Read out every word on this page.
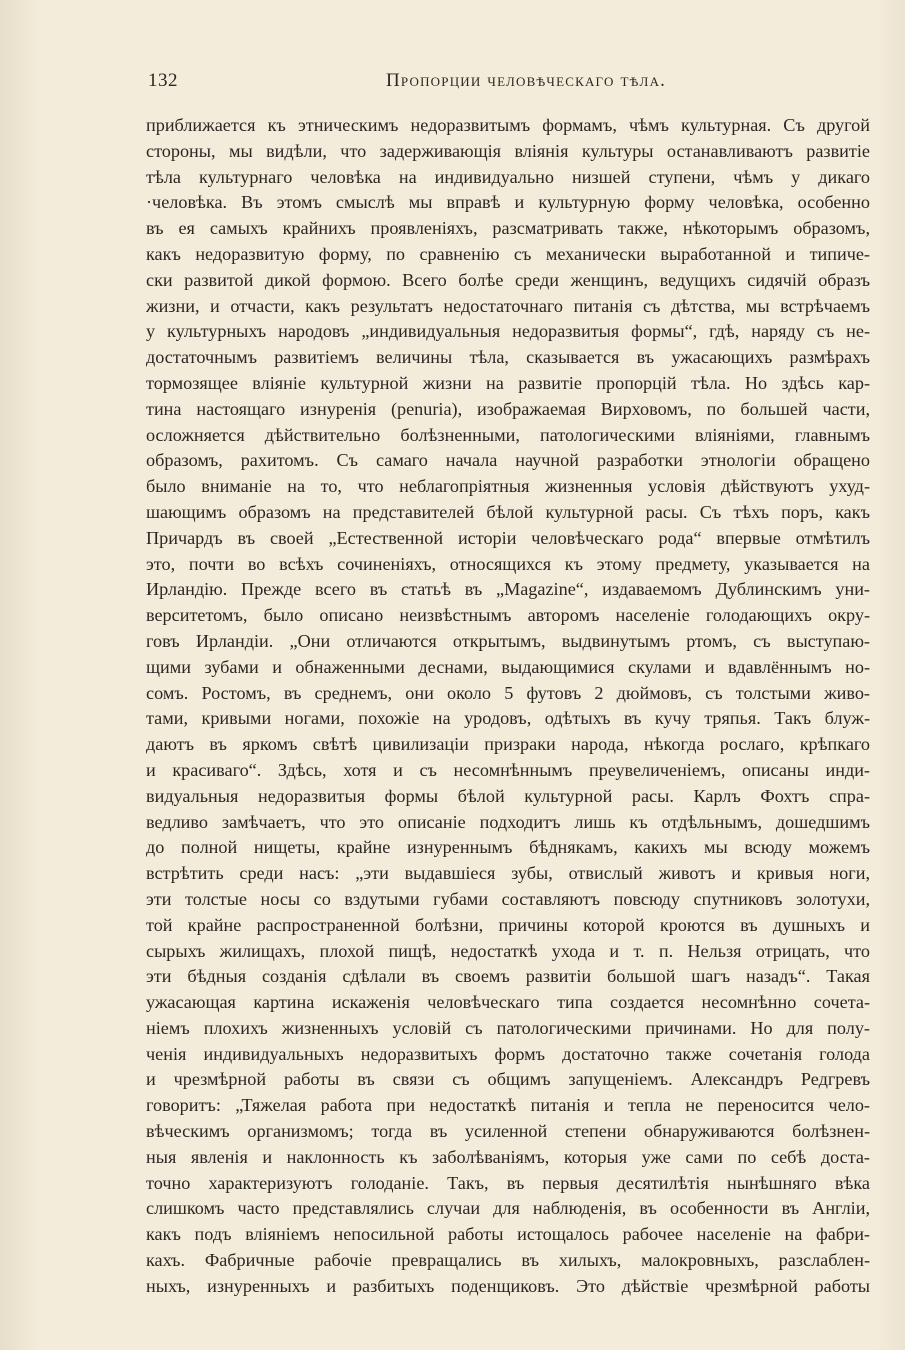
132	Пропорции человѣческаго тѣла.
приближается къ этническимъ недоразвитымъ формамъ, чѣмъ культурная. Съ другой
стороны, мы видѣли, что задерживающія вліянія культуры останавливаютъ развитіе
тѣла культурнаго человѣка на индивидуально низшей ступени, чѣмъ у дикаго
·человѣка. Въ этомъ смыслѣ мы вправѣ и культурную форму человѣка, особенно
въ ея самыхъ крайнихъ проявленіяхъ, разсматривать также, нѣкоторымъ образомъ,
какъ недоразвитую форму, по сравненію съ механически выработанной и типиче-
ски развитой дикой формою. Всего болѣе среди женщинъ, ведущихъ сидячій образъ
жизни, и отчасти, какъ результатъ недостаточнаго питанія съ дѣтства, мы встрѣчаемъ
у культурныхъ народовъ „индивидуальныя недоразвитыя формы“, гдѣ, наряду съ не-
достаточнымъ развитіемъ величины тѣла, сказывается въ ужасающихъ размѣрахъ
тормозящее вліяніе культурной жизни на развитіе пропорцій тѣла. Но здѣсь кар-
тина настоящаго изнуренія (penuria), изображаемая Вирховомъ, по большей части,
осложняется дѣйствительно болѣзненными, патологическими вліяніями, главнымъ
образомъ, рахитомъ. Съ самаго начала научной разработки этнологіи обращено
было вниманіе на то, что неблагопріятныя жизненныя условія дѣйствуютъ ухуд-
шающимъ образомъ на представителей бѣлой культурной расы. Съ тѣхъ поръ, какъ
Причардъ въ своей „Естественной исторіи человѣческаго рода“ впервые отмѣтилъ
это, почти во всѣхъ сочиненіяхъ, относящихся къ этому предмету, указывается на
Ирландію. Прежде всего въ статьѣ въ „Magazine“, издаваемомъ Дублинскимъ уни-
верситетомъ, было описано неизвѣстнымъ авторомъ населеніе голодающихъ окру-
говъ Ирландіи. „Они отличаются открытымъ, выдвинутымъ ртомъ, съ выступаю-
щими зубами и обнаженными деснами, выдающимися скулами и вдавлённымъ но-
сомъ. Ростомъ, въ среднемъ, они около 5 футовъ 2 дюймовъ, съ толстыми живо-
тами, кривыми ногами, похожіе на уродовъ, одѣтыхъ въ кучу тряпья. Такъ блуж-
даютъ въ яркомъ свѣтѣ цивилизаціи призраки народа, нѣкогда рослаго, крѣпкаго
и красиваго“. Здѣсь, хотя и съ несомнѣннымъ преувеличеніемъ, описаны инди-
видуальныя недоразвитыя формы бѣлой культурной расы. Карлъ Фохтъ спра-
ведливо замѣчаетъ, что это описаніе подходитъ лишь къ отдѣльнымъ, дошедшимъ
до полной нищеты, крайне изнуреннымъ бѣднякамъ, какихъ мы всюду можемъ
встрѣтить среди насъ: „эти выдавшіеся зубы, отвислый животъ и кривыя ноги,
эти толстые носы со вздутыми губами составляютъ повсюду спутниковъ золотухи,
той крайне распространенной болѣзни, причины которой кроются въ душныхъ и
сырыхъ жилищахъ, плохой пищѣ, недостаткѣ ухода и т. п. Нельзя отрицать, что
эти бѣдныя созданія сдѣлали въ своемъ развитіи большой шагъ назадъ“. Такая
ужасающая картина искаженія человѣческаго типа создается несомнѣнно сочета-
ніемъ плохихъ жизненныхъ условій съ патологическими причинами. Но для полу-
ченія индивидуальныхъ недоразвитыхъ формъ достаточно также сочетанія голода
и чрезмѣрной работы въ связи съ общимъ запущеніемъ. Александръ Редгревъ
говоритъ: „Тяжелая работа при недостаткѣ питанія и тепла не переносится чело-
вѣческимъ организмомъ; тогда въ усиленной степени обнаруживаются болѣзнен-
ныя явленія и наклонность къ заболѣваніямъ, которыя уже сами по себѣ доста-
точно характеризуютъ голоданіе. Такъ, въ первыя десятилѣтія нынѣшняго вѣка
слишкомъ часто представлялись случаи для наблюденія, въ особенности въ Англіи,
какъ подъ вліяніемъ непосильной работы истощалось рабочее населеніе на фабри-
кахъ. Фабричные рабочіе превращались въ хилыхъ, малокровныхъ, разслаблен-
ныхъ, изнуренныхъ и разбитыхъ поденщиковъ. Это дѣйствіе чрезмѣрной работы
